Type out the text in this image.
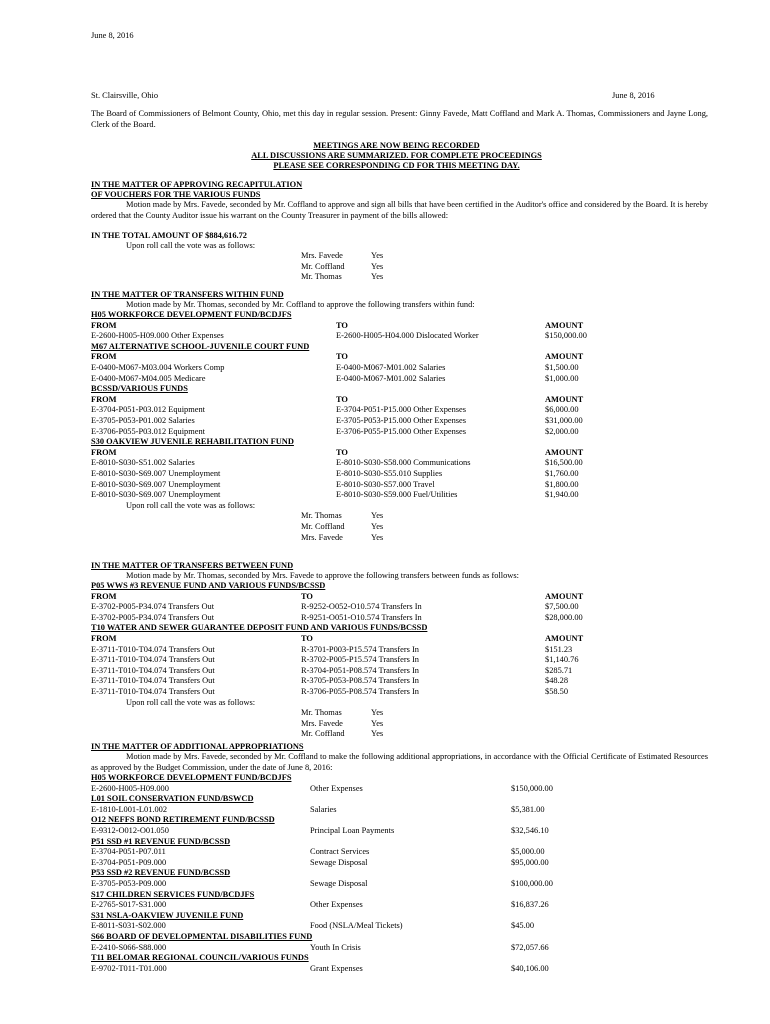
June 8, 2016
St. Clairsville, Ohio	June 8, 2016
The Board of Commissioners of Belmont County, Ohio, met this day in regular session. Present: Ginny Favede, Matt Coffland and Mark A. Thomas, Commissioners and Jayne Long, Clerk of the Board.
MEETINGS ARE NOW BEING RECORDED
ALL DISCUSSIONS ARE SUMMARIZED. FOR COMPLETE PROCEEDINGS
PLEASE SEE CORRESPONDING CD FOR THIS MEETING DAY.
IN THE MATTER OF APPROVING RECAPITULATION
OF VOUCHERS FOR THE VARIOUS FUNDS
Motion made by Mrs. Favede, seconded by Mr. Coffland to approve and sign all bills that have been certified in the Auditor's office and considered by the Board. It is hereby ordered that the County Auditor issue his warrant on the County Treasurer in payment of the bills allowed:
IN THE TOTAL AMOUNT OF $884,616.72
Upon roll call the vote was as follows:
Mrs. Favede	Yes
Mr. Coffland	Yes
Mr. Thomas	Yes
IN THE MATTER OF TRANSFERS WITHIN FUND
Motion made by Mr. Thomas, seconded by Mr. Coffland to approve the following transfers within fund:
H05 WORKFORCE DEVELOPMENT FUND/BCDJFS
FROM	TO	AMOUNT
E-2600-H005-H09.000 Other Expenses	E-2600-H005-H04.000 Dislocated Worker	$150,000.00
M67 ALTERNATIVE SCHOOL-JUVENILE COURT FUND
FROM	TO	AMOUNT
E-0400-M067-M03.004 Workers Comp	E-0400-M067-M01.002 Salaries	$1,500.00
E-0400-M067-M04.005 Medicare	E-0400-M067-M01.002 Salaries	$1,000.00
BCSSD/VARIOUS FUNDS
FROM	TO	AMOUNT
E-3704-P051-P03.012 Equipment	E-3704-P051-P15.000 Other Expenses	$6,000.00
E-3705-P053-P01.002 Salaries	E-3705-P053-P15.000 Other Expenses	$31,000.00
E-3706-P055-P03.012 Equipment	E-3706-P055-P15.000 Other Expenses	$2,000.00
S30 OAKVIEW JUVENILE REHABILITATION FUND
FROM	TO	AMOUNT
E-8010-S030-S51.002 Salaries	E-8010-S030-S58.000 Communications	$16,500.00
E-8010-S030-S69.007 Unemployment	E-8010-S030-S55.010 Supplies	$1,760.00
E-8010-S030-S69.007 Unemployment	E-8010-S030-S57.000 Travel	$1,800.00
E-8010-S030-S69.007 Unemployment	E-8010-S030-S59.000 Fuel/Utilities	$1,940.00
Upon roll call the vote was as follows:
Mr. Thomas	Yes
Mr. Coffland	Yes
Mrs. Favede	Yes
IN THE MATTER OF TRANSFERS BETWEEN FUND
Motion made by Mr. Thomas, seconded by Mrs. Favede to approve the following transfers between funds as follows:
P05 WWS #3 REVENUE FUND AND VARIOUS FUNDS/BCSSD
FROM	TO	AMOUNT
E-3702-P005-P34.074 Transfers Out	R-9252-O052-O10.574 Transfers In	$7,500.00
E-3702-P005-P34.074 Transfers Out	R-9251-O051-O10.574 Transfers In	$28,000.00
T10 WATER AND SEWER GUARANTEE DEPOSIT FUND AND VARIOUS FUNDS/BCSSD
FROM	TO	AMOUNT
E-3711-T010-T04.074 Transfers Out	R-3701-P003-P15.574 Transfers In	$151.23
E-3711-T010-T04.074 Transfers Out	R-3702-P005-P15.574 Transfers In	$1,140.76
E-3711-T010-T04.074 Transfers Out	R-3704-P051-P08.574 Transfers In	$285.71
E-3711-T010-T04.074 Transfers Out	R-3705-P053-P08.574 Transfers In	$48.28
E-3711-T010-T04.074 Transfers Out	R-3706-P055-P08.574 Transfers In	$58.50
Upon roll call the vote was as follows:
Mr. Thomas	Yes
Mrs. Favede	Yes
Mr. Coffland	Yes
IN THE MATTER OF ADDITIONAL APPROPRIATIONS
Motion made by Mrs. Favede, seconded by Mr. Coffland to make the following additional appropriations, in accordance with the Official Certificate of Estimated Resources as approved by the Budget Commission, under the date of June 8, 2016:
H05 WORKFORCE DEVELOPMENT FUND/BCDJFS
E-2600-H005-H09.000	Other Expenses	$150,000.00
L01 SOIL CONSERVATION FUND/BSWCD
E-1810-L001-L01.002	Salaries	$5,381.00
O12 NEFFS BOND RETIREMENT FUND/BCSSD
E-9312-O012-O01.050	Principal Loan Payments	$32,546.10
P51 SSD #1 REVENUE FUND/BCSSD
E-3704-P051-P07.011	Contract Services	$5,000.00
E-3704-P051-P09.000	Sewage Disposal	$95,000.00
P53 SSD #2 REVENUE FUND/BCSSD
E-3705-P053-P09.000	Sewage Disposal	$100,000.00
S17 CHILDREN SERVICES FUND/BCDJFS
E-2765-S017-S31.000	Other Expenses	$16,837.26
S31 NSLA-OAKVIEW JUVENILE FUND
E-8011-S031-S02.000	Food (NSLA/Meal Tickets)	$45.00
S66 BOARD OF DEVELOPMENTAL DISABILITIES FUND
E-2410-S066-S88.000	Youth In Crisis	$72,057.66
T11 BELOMAR REGIONAL COUNCIL/VARIOUS FUNDS
E-9702-T011-T01.000	Grant Expenses	$40,106.00
